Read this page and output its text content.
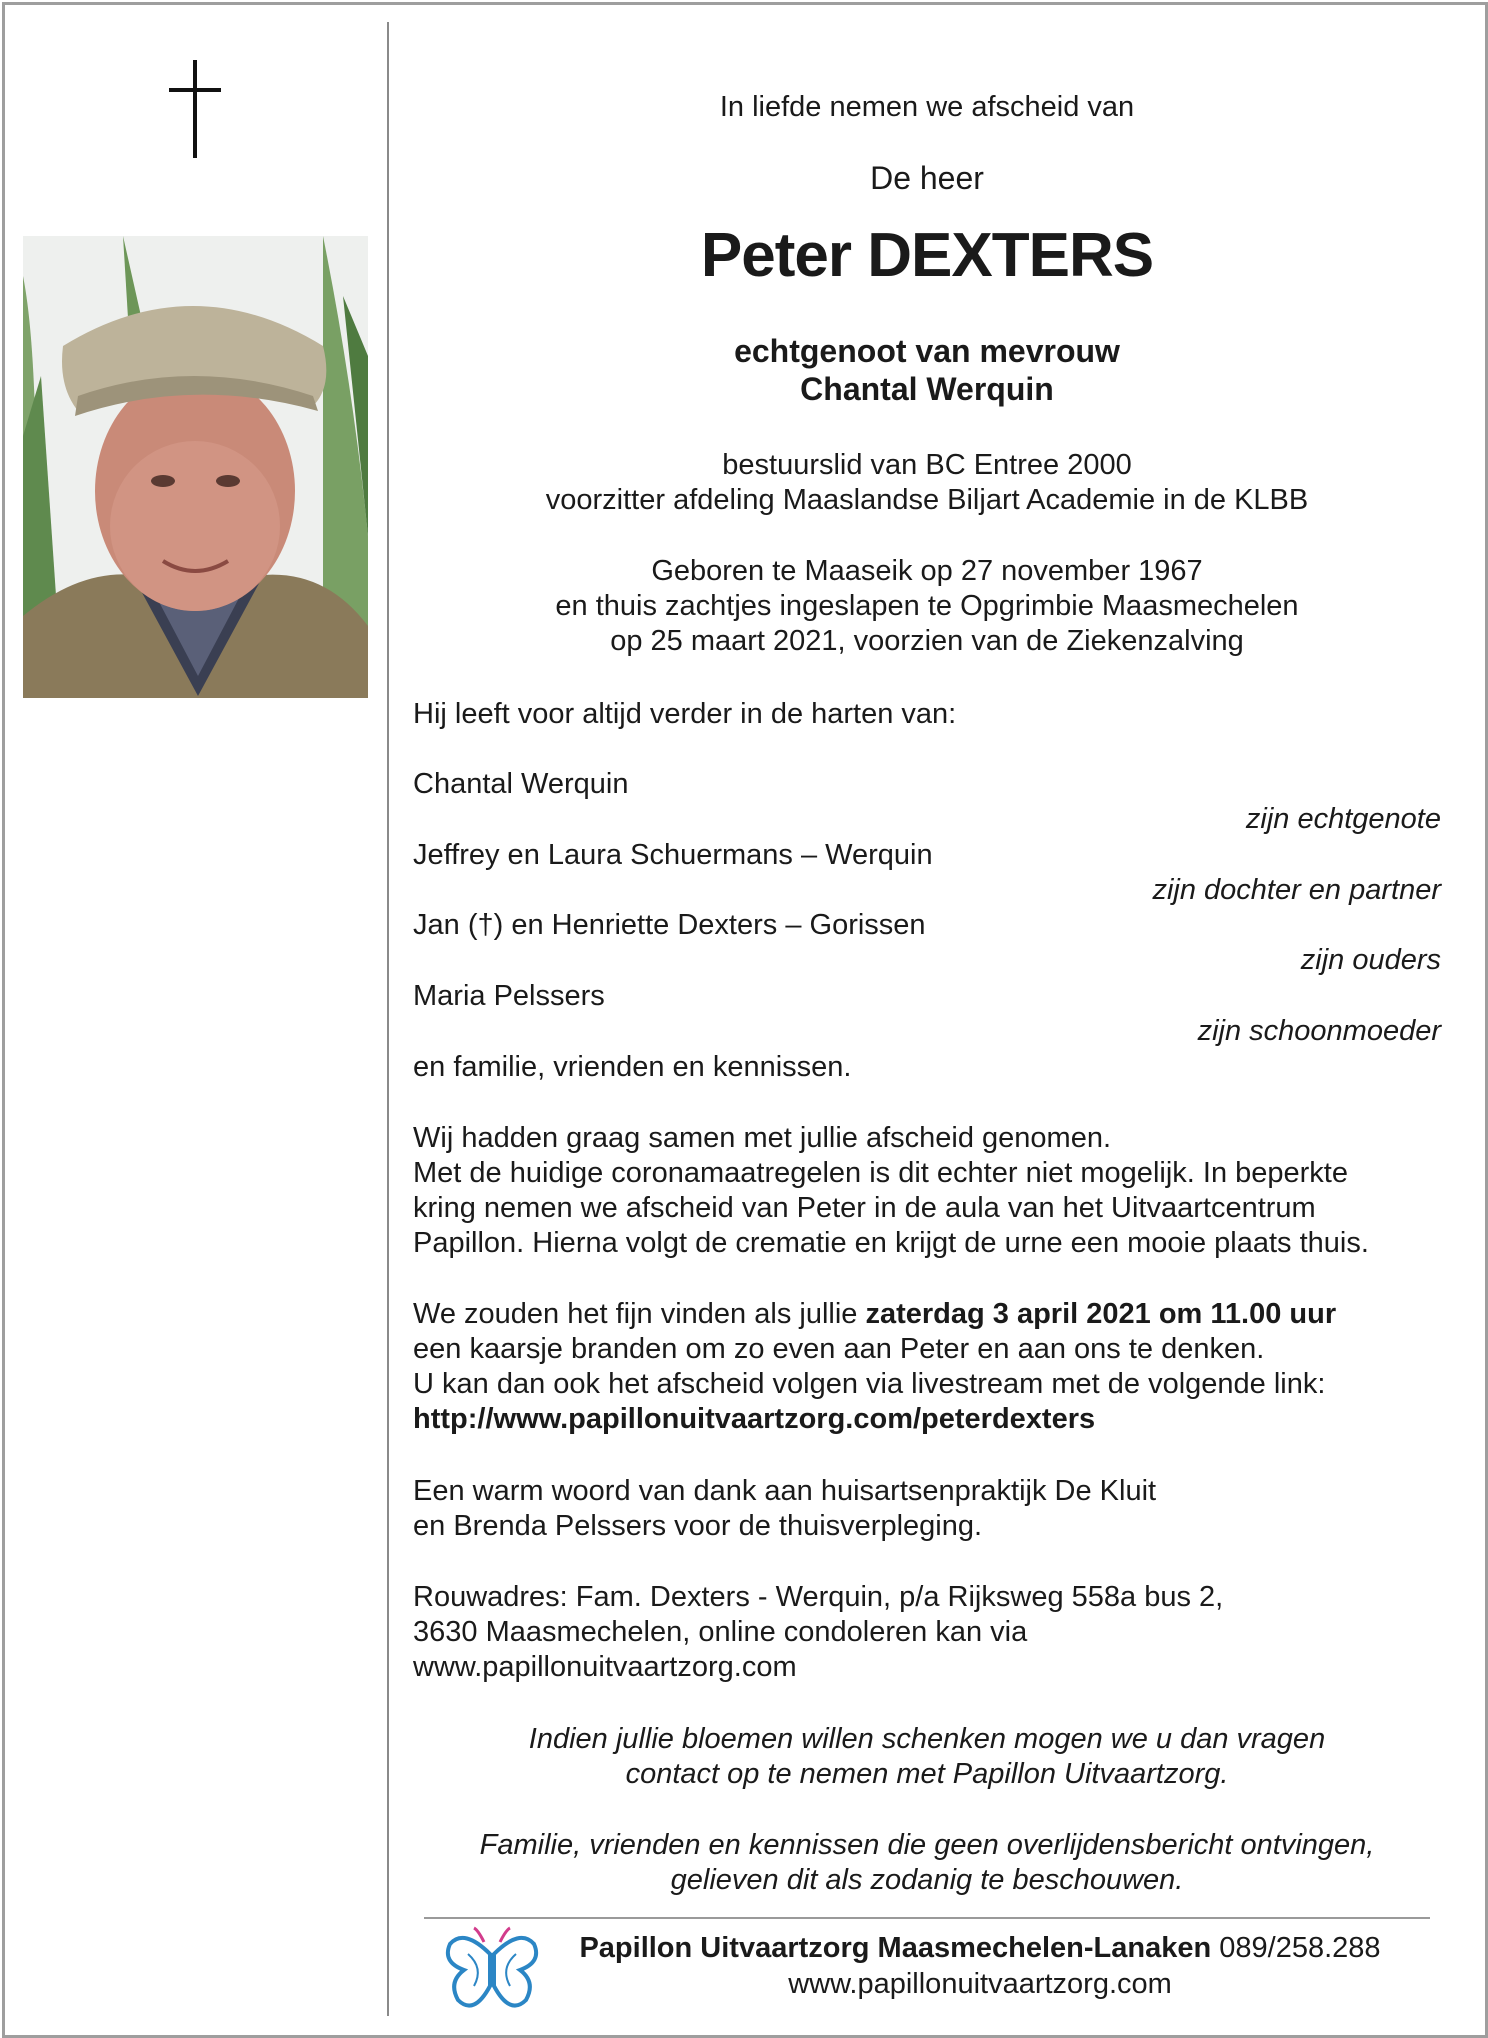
In liefde nemen we afscheid van
De heer
Peter DEXTERS
echtgenoot van mevrouw
Chantal Werquin
bestuurslid van BC Entree 2000
voorzitter afdeling Maaslandse Biljart Academie in de KLBB
Geboren te Maaseik op 27 november 1967
en thuis zachtjes ingeslapen te Opgrimbie Maasmechelen
op 25 maart 2021, voorzien van de Ziekenzalving
Hij leeft voor altijd verder in de harten van:
Chantal Werquin
zijn echtgenote
Jeffrey en Laura Schuermans – Werquin
zijn dochter en partner
Jan (†) en Henriette Dexters – Gorissen
zijn ouders
Maria Pelssers
zijn schoonmoeder
en familie, vrienden en kennissen.
Wij hadden graag samen met jullie afscheid genomen.
Met de huidige coronamaatregelen is dit echter niet mogelijk. In beperkte
kring nemen we afscheid van Peter in de aula van het Uitvaartcentrum
Papillon. Hierna volgt de crematie en krijgt de urne een mooie plaats thuis.
We zouden het fijn vinden als jullie zaterdag 3 april 2021 om 11.00 uur
een kaarsje branden om zo even aan Peter en aan ons te denken.
U kan dan ook het afscheid volgen via livestream met de volgende link:
http://www.papillonuitvaartzorg.com/peterdexters
Een warm woord van dank aan huisartsenpraktijk De Kluit
en Brenda Pelssers voor de thuisverpleging.
Rouwadres: Fam. Dexters - Werquin, p/a Rijksweg 558a bus 2,
3630 Maasmechelen, online condoleren kan via
www.papillonuitvaartzorg.com
Indien jullie bloemen willen schenken mogen we u dan vragen
contact op te nemen met Papillon Uitvaartzorg.
Familie, vrienden en kennissen die geen overlijdensbericht ontvingen,
gelieven dit als zodanig te beschouwen.
Papillon Uitvaartzorg Maasmechelen-Lanaken 089/258.288
www.papillonuitvaartzorg.com
